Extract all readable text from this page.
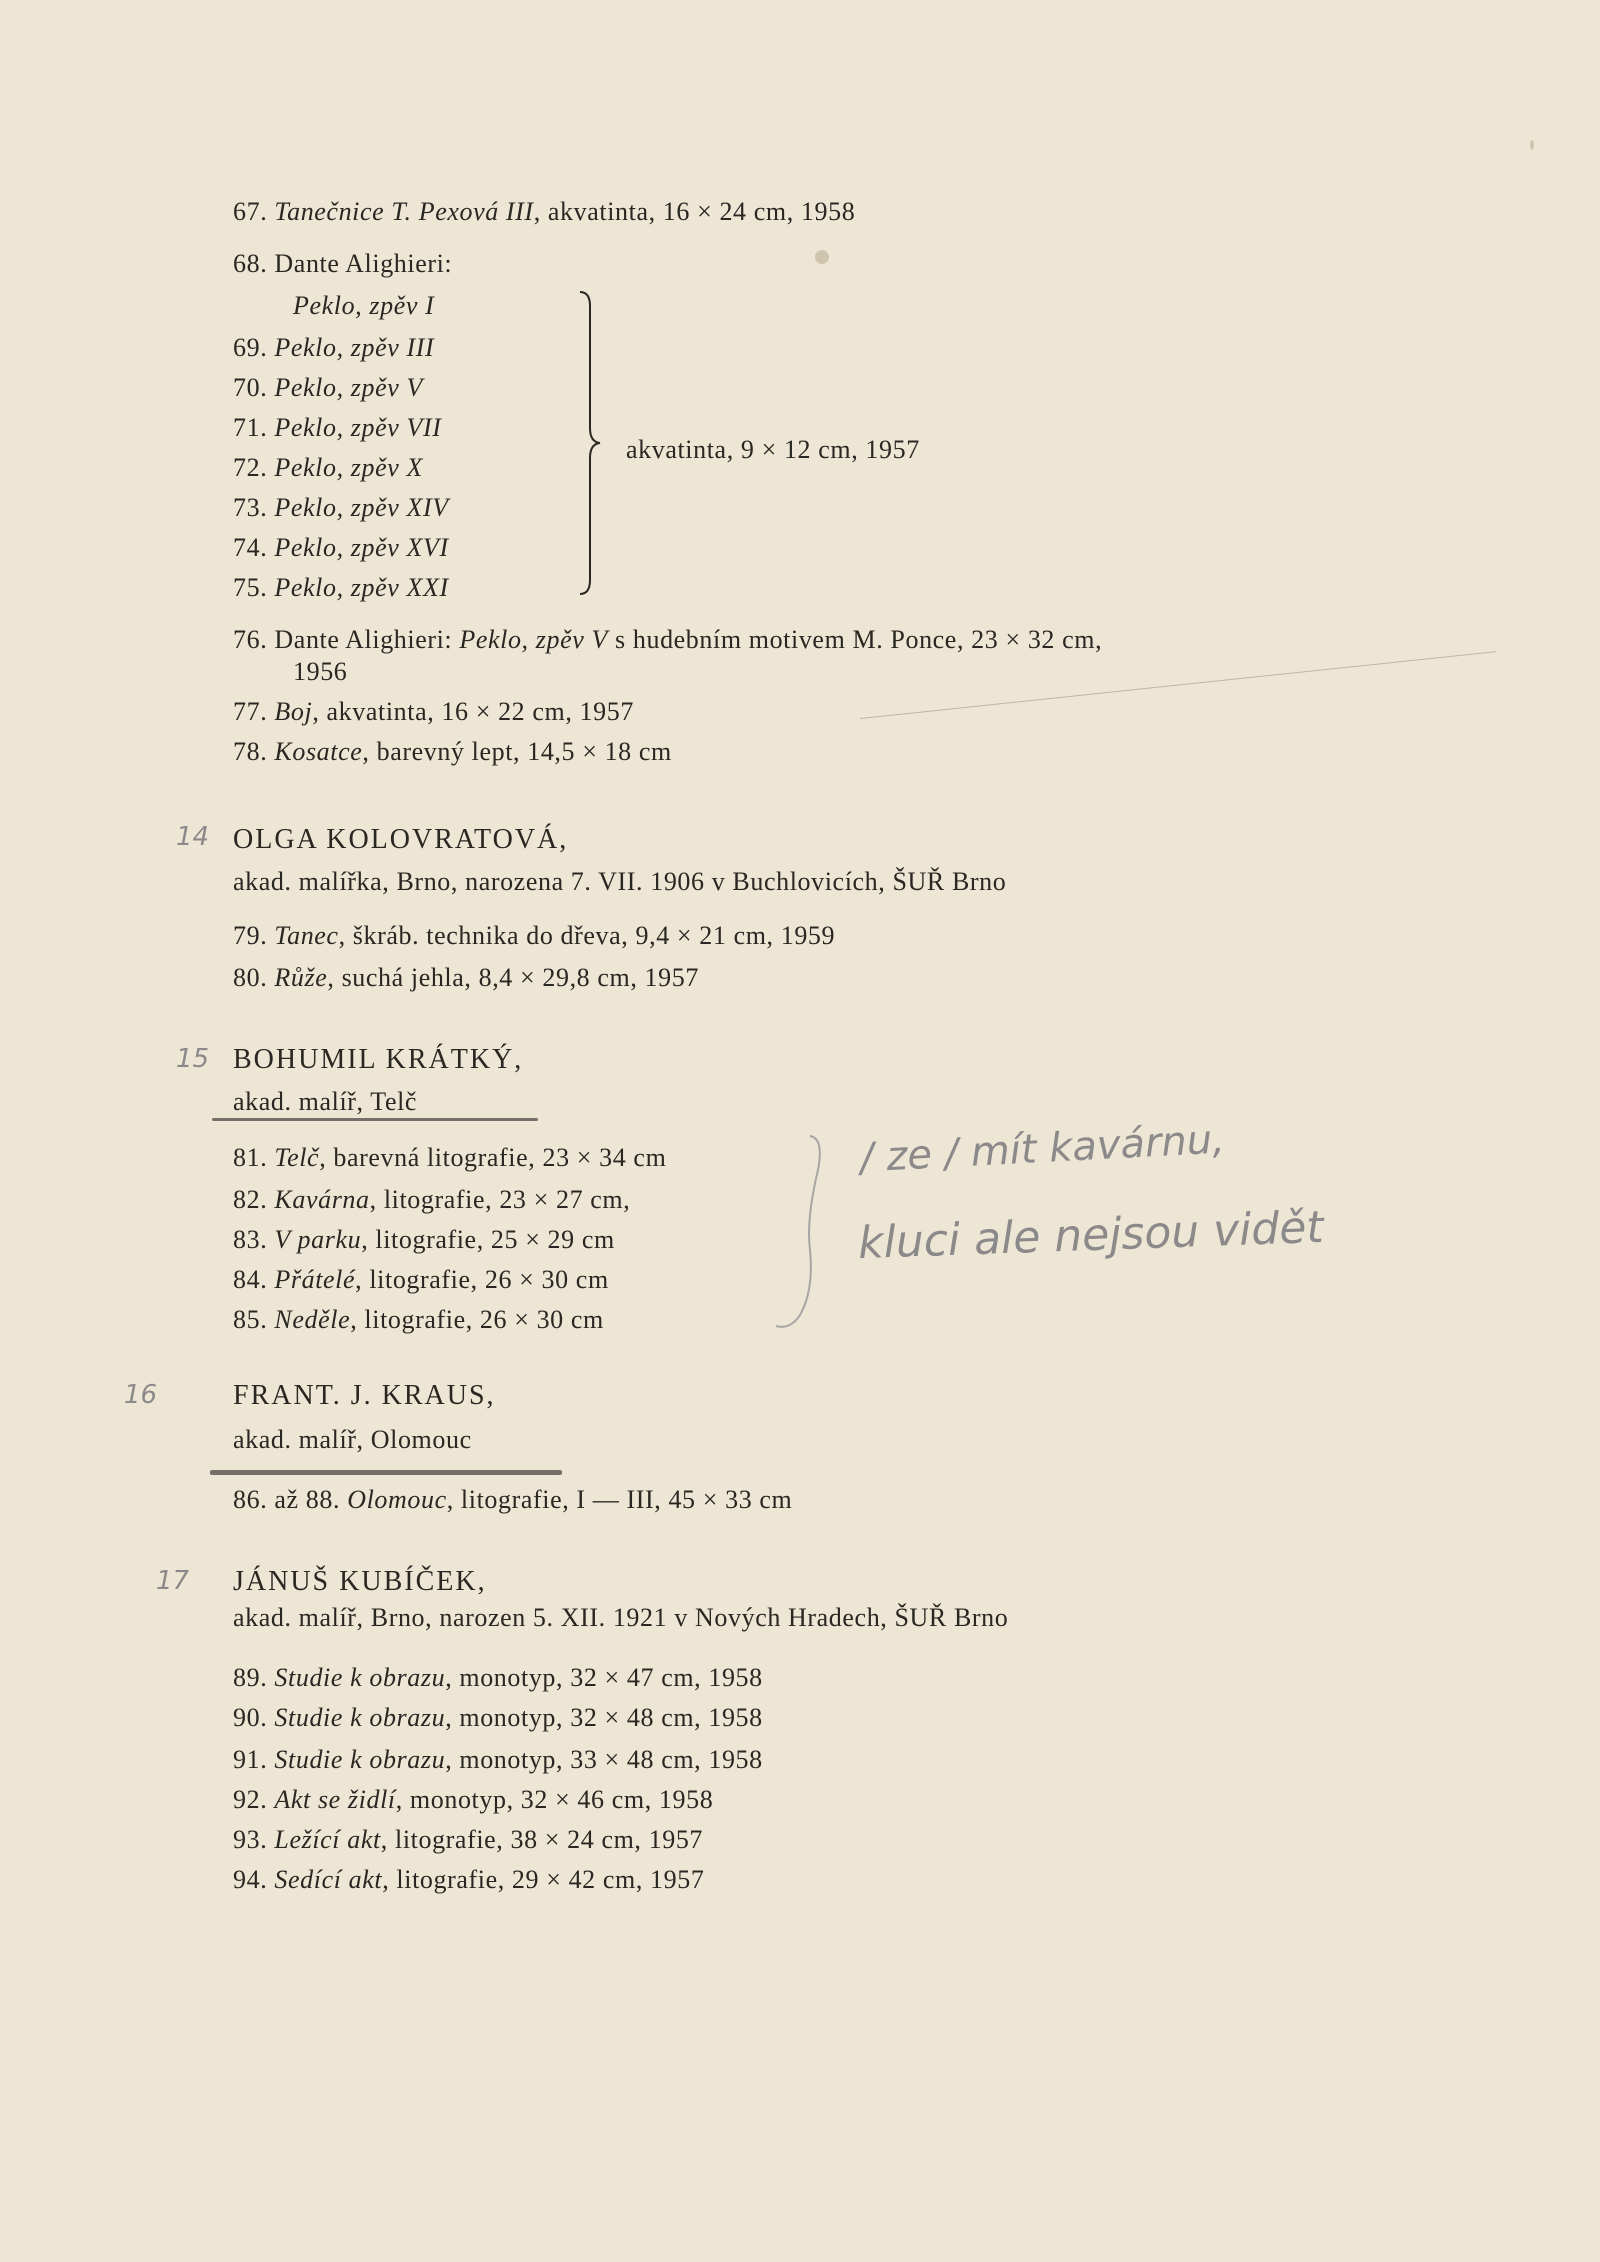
67. Tanečnice T. Pexová III, akvatinta, 16 × 24 cm, 1958
68. Dante Alighieri:
Peklo, zpěv I
69. Peklo, zpěv III
70. Peklo, zpěv V
71. Peklo, zpěv VII
72. Peklo, zpěv X
73. Peklo, zpěv XIV
74. Peklo, zpěv XVI
75. Peklo, zpěv XXI
akvatinta, 9 × 12 cm, 1957
76. Dante Alighieri: Peklo, zpěv V s hudebním motivem M. Ponce, 23 × 32 cm,
1956
77. Boj, akvatinta, 16 × 22 cm, 1957
78. Kosatce, barevný lept, 14,5 × 18 cm
14 OLGA KOLOVRATOVÁ,
akad. malířka, Brno, narozena 7. VII. 1906 v Buchlovicích, ŠUŘ Brno
79. Tanec, škráb. technika do dřeva, 9,4 × 21 cm, 1959
80. Růže, suchá jehla, 8,4 × 29,8 cm, 1957
15 BOHUMIL KRÁTKÝ,
akad. malíř, Telč
81. Telč, barevná litografie, 23 × 34 cm
82. Kavárna, litografie, 23 × 27 cm,
83. V parku, litografie, 25 × 29 cm
84. Přátelé, litografie, 26 × 30 cm
85. Neděle, litografie, 26 × 30 cm
/ ze / mít kavárnu,
kluci ale nejsou vidět
16	FRANT. J. KRAUS,
akad. malíř, Olomouc
86. až 88. Olomouc, litografie, I — III, 45 × 33 cm
17 JÁNUŠ KUBÍČEK,
akad. malíř, Brno, narozen 5. XII. 1921 v Nových Hradech, ŠUŘ Brno
89. Studie k obrazu, monotyp, 32 × 47 cm, 1958
90. Studie k obrazu, monotyp, 32 × 48 cm, 1958
91. Studie k obrazu, monotyp, 33 × 48 cm, 1958
92. Akt se židlí, monotyp, 32 × 46 cm, 1958
93. Ležící akt, litografie, 38 × 24 cm, 1957
94. Sedící akt, litografie, 29 × 42 cm, 1957
